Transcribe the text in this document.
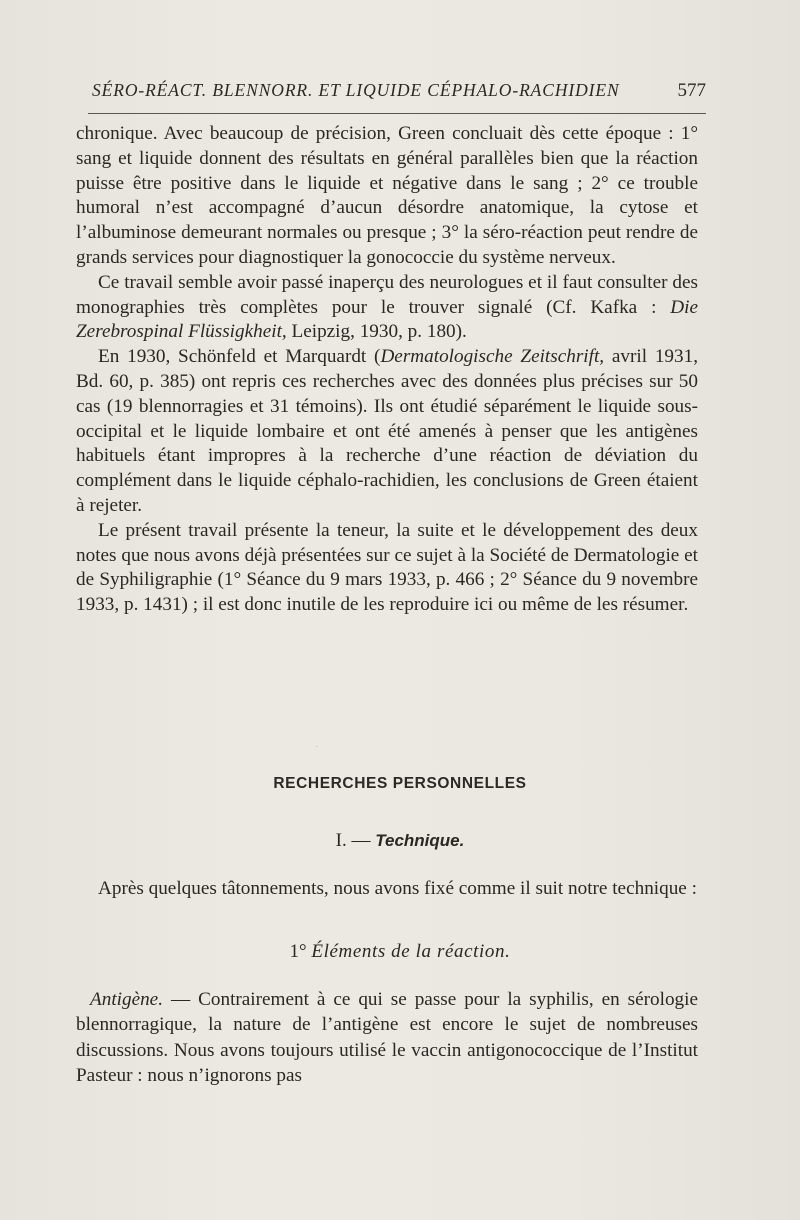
SÉRO-RÉACT. BLENNORR. ET LIQUIDE CÉPHALO-RACHIDIEN	577

chronique. Avec beaucoup de précision, Green concluait dès cette époque : 1° sang et liquide donnent des résultats en général parallèles bien que la réaction puisse être positive dans le liquide et négative dans le sang ; 2° ce trouble humoral n’est accompagné d’aucun désordre anatomique, la cytose et l’albuminose demeurant normales ou presque ; 3° la séro-réaction peut rendre de grands services pour diagnostiquer la gonococcie du système nerveux.

Ce travail semble avoir passé inaperçu des neurologues et il faut consulter des monographies très complètes pour le trouver signalé (Cf. Kafka : Die Zerebrospinal Flüssigkheit, Leipzig, 1930, p. 180).

En 1930, Schönfeld et Marquardt (Dermatologische Zeitschrift, avril 1931, Bd. 60, p. 385) ont repris ces recherches avec des données plus précises sur 50 cas (19 blennorragies et 31 témoins). Ils ont étudié séparément le liquide sous-occipital et le liquide lombaire et ont été amenés à penser que les antigènes habituels étant impropres à la recherche d’une réaction de déviation du complément dans le liquide céphalo-rachidien, les conclusions de Green étaient à rejeter.

Le présent travail présente la teneur, la suite et le développement des deux notes que nous avons déjà présentées sur ce sujet à la Société de Dermatologie et de Syphiligraphie (1° Séance du 9 mars 1933, p. 466 ; 2° Séance du 9 novembre 1933, p. 1431) ; il est donc inutile de les reproduire ici ou même de les résumer.

˙
RECHERCHES PERSONNELLES
I. — Technique.

Après quelques tâtonnements, nous avons fixé comme il suit notre technique :

1° Éléments de la réaction.

Antigène. — Contrairement à ce qui se passe pour la syphilis, en sérologie blennorragique, la nature de l’antigène est encore le sujet de nombreuses discussions. Nous avons toujours utilisé le vaccin antigonococcique de l’Institut Pasteur : nous n’ignorons pas
